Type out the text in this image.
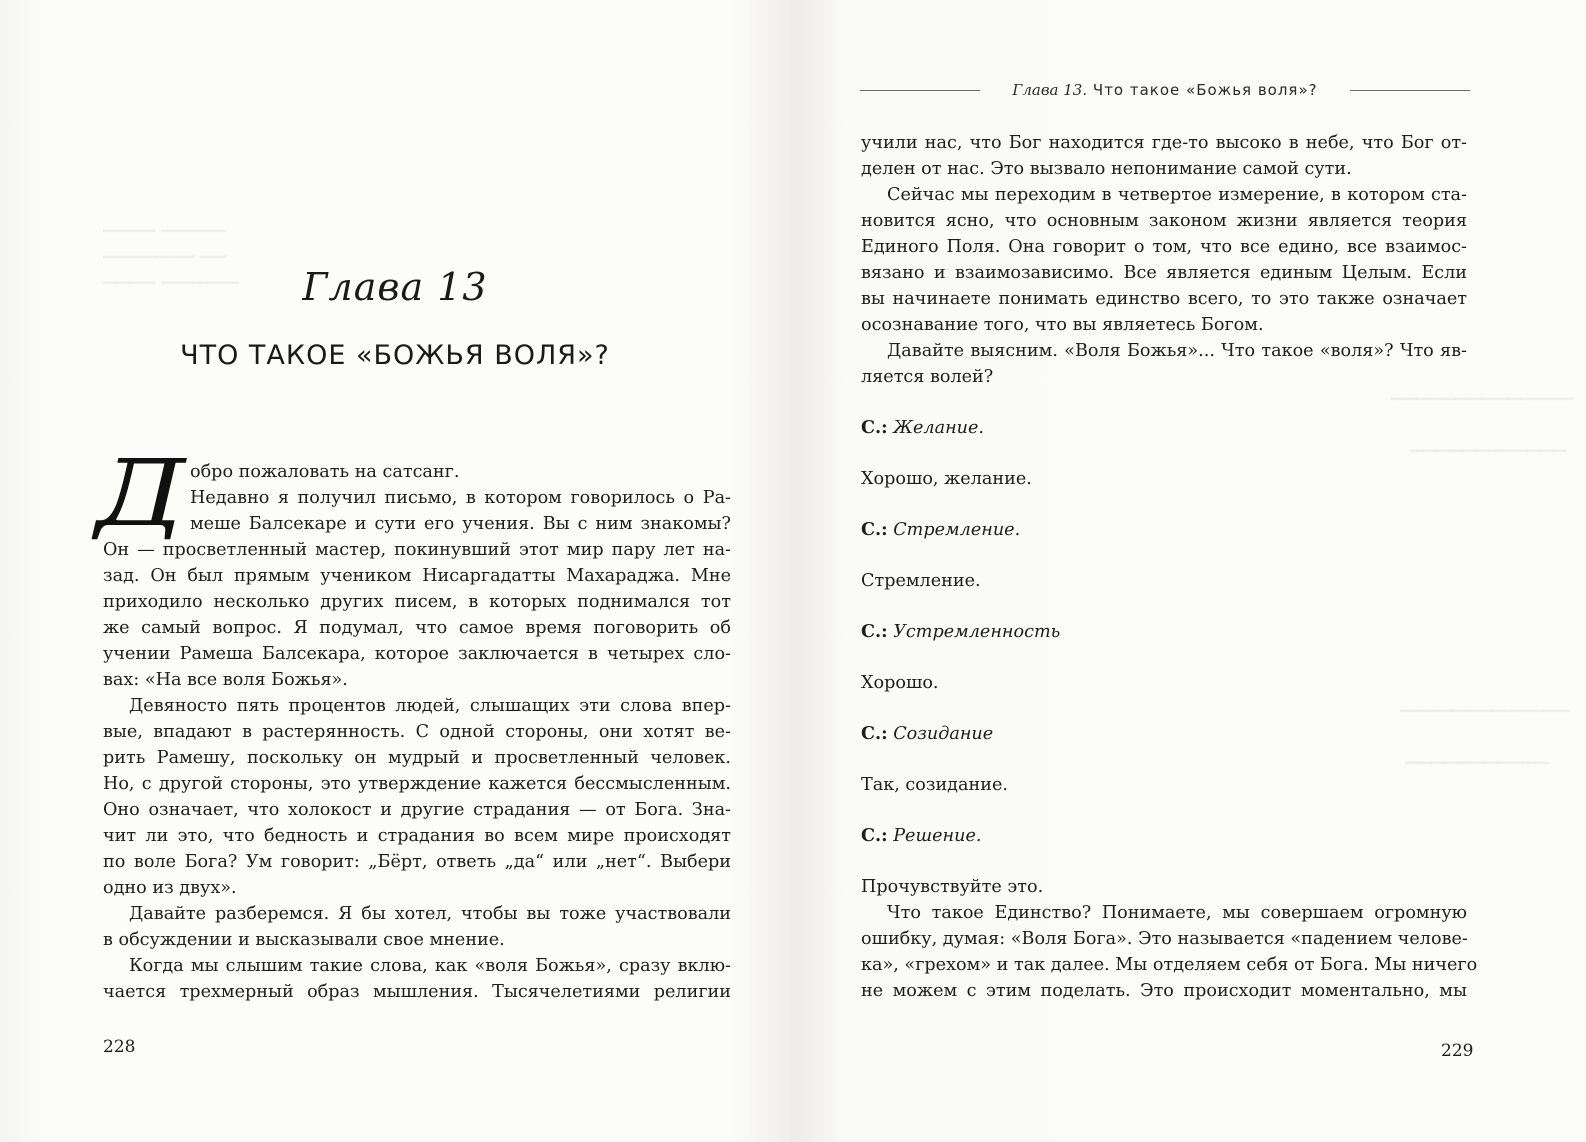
▁▁▁▁ ▁▁▁▁▁
▁▁▁▁▁▁▁ ▁▁
▁▁▁▁ ▁▁▁▁▁▁	Глава 13
ЧТО ТАКОЕ «БОЖЬЯ ВОЛЯ»?
Д обро пожаловать на сатсанг.
Недавно я получил письмо, в котором говорилось о Ра-
меше Балсекаре и сути его учения. Вы с ним знакомы?
Он — просветленный мастер, покинувший этот мир пару лет на-
зад. Он был прямым учеником Нисаргадатты Махараджа. Мне
приходило несколько других писем, в которых поднимался тот
же самый вопрос. Я подумал, что самое время поговорить об
учении Рамеша Балсекара, которое заключается в четырех сло-
вах: «На все воля Божья».
Девяносто пять процентов людей, слышащих эти слова впер-
вые, впадают в растерянность. С одной стороны, они хотят ве-
рить Рамешу, поскольку он мудрый и просветленный человек.
Но, с другой стороны, это утверждение кажется бессмысленным.
Оно означает, что холокост и другие страдания — от Бога. Зна-
чит ли это, что бедность и страдания во всем мире происходят
по воле Бога? Ум говорит: „Бёрт, ответь „да“ или „нет“. Выбери
одно из двух».
Давайте разберемся. Я бы хотел, чтобы вы тоже участвовали
в обсуждении и высказывали свое мнение.
Когда мы слышим такие слова, как «воля Божья», сразу вклю-
чается трехмерный образ мышления. Тысячелетиями религии
228
▁▁▁▁▁▁▁▁▁▁▁▁▁▁
▁▁▁▁▁▁▁▁▁▁▁▁
▁▁▁▁▁▁▁▁▁▁▁▁▁
▁▁▁▁▁▁▁▁▁▁▁
учили нас, что Бог находится где-то высоко в небе, что Бог от-
делен от нас. Это вызвало непонимание самой сути.
Сейчас мы переходим в четвертое измерение, в котором ста-
новится ясно, что основным законом жизни является теория
Единого Поля. Она говорит о том, что все едино, все взаимос-
вязано и взаимозависимо. Все является единым Целым. Если
вы начинаете понимать единство всего, то это также означает
осознавание того, что вы являетесь Богом.
Давайте выясним. «Воля Божья»... Что такое «воля»? Что яв-
ляется волей?
С.: Желание.
Хорошо, желание.
С.: Стремление.
Стремление.
С.: Устремленность
Хорошо.
С.: Созидание
Так, созидание.
С.: Решение.
Прочувствуйте это.
Что такое Единство? Понимаете, мы совершаем огромную
ошибку, думая: «Воля Бога». Это называется «падением челове-
ка», «грехом» и так далее. Мы отделяем себя от Бога. Мы ничего
не можем с этим поделать. Это происходит моментально, мы
229
Глава 13. Что такое «Божья воля»?
